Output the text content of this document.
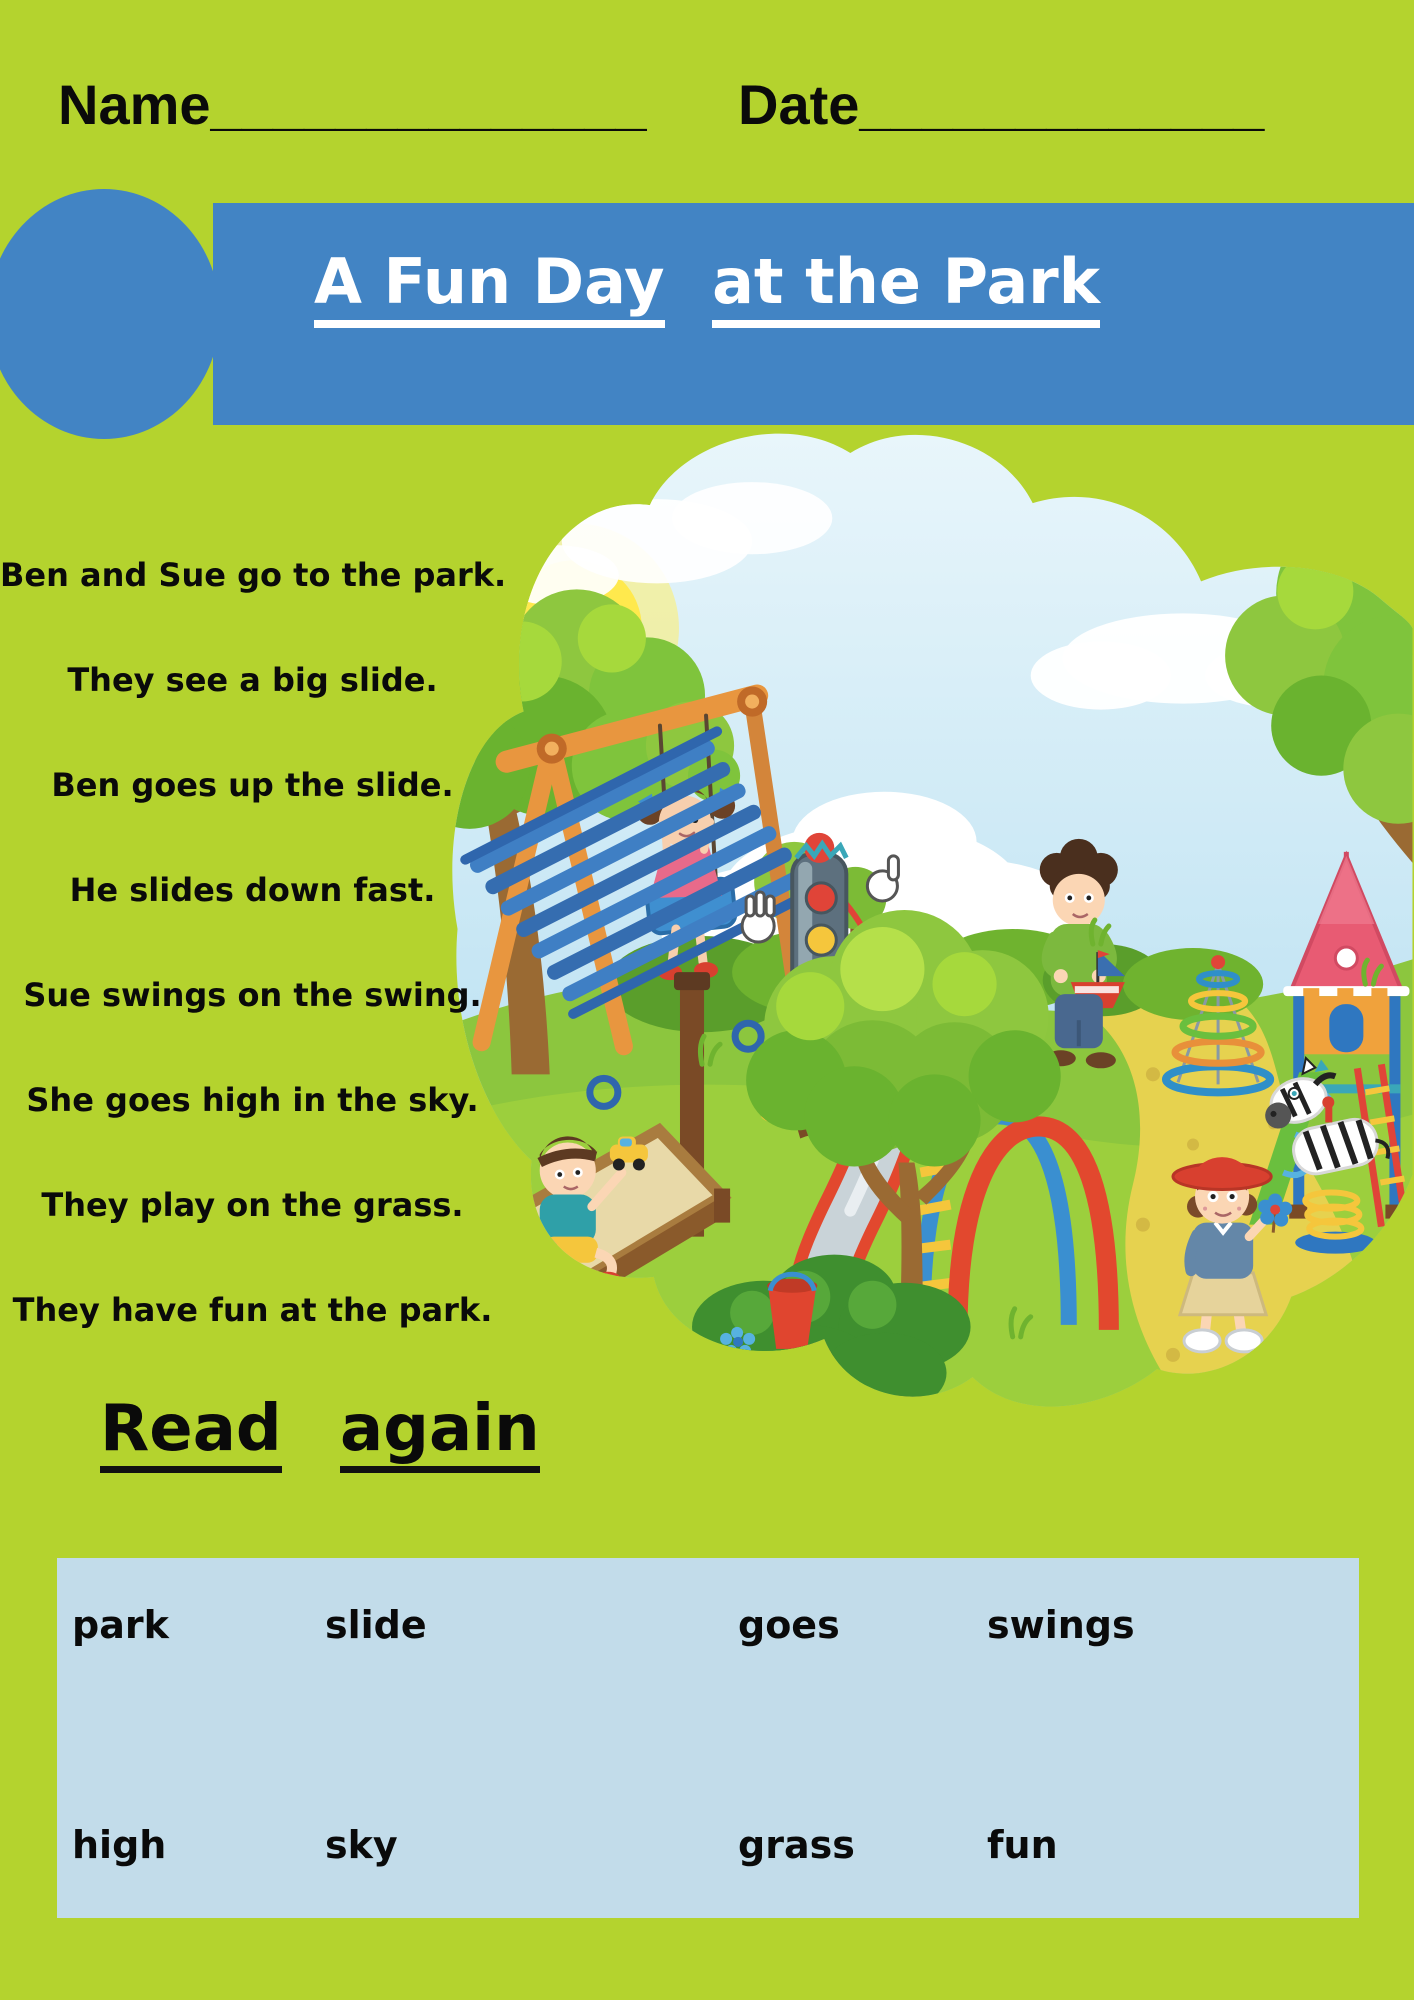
Name______________ Date_____________
A Fun Day at the Park
Ben and Sue go to the park.
They see a big slide.
Ben goes up the slide.
He slides down fast.
Sue swings on the swing.
She goes high in the sky.
They play on the grass.
They have fun at the park.
Read again
park	slide	goes	swings
high	sky	grass	fun
